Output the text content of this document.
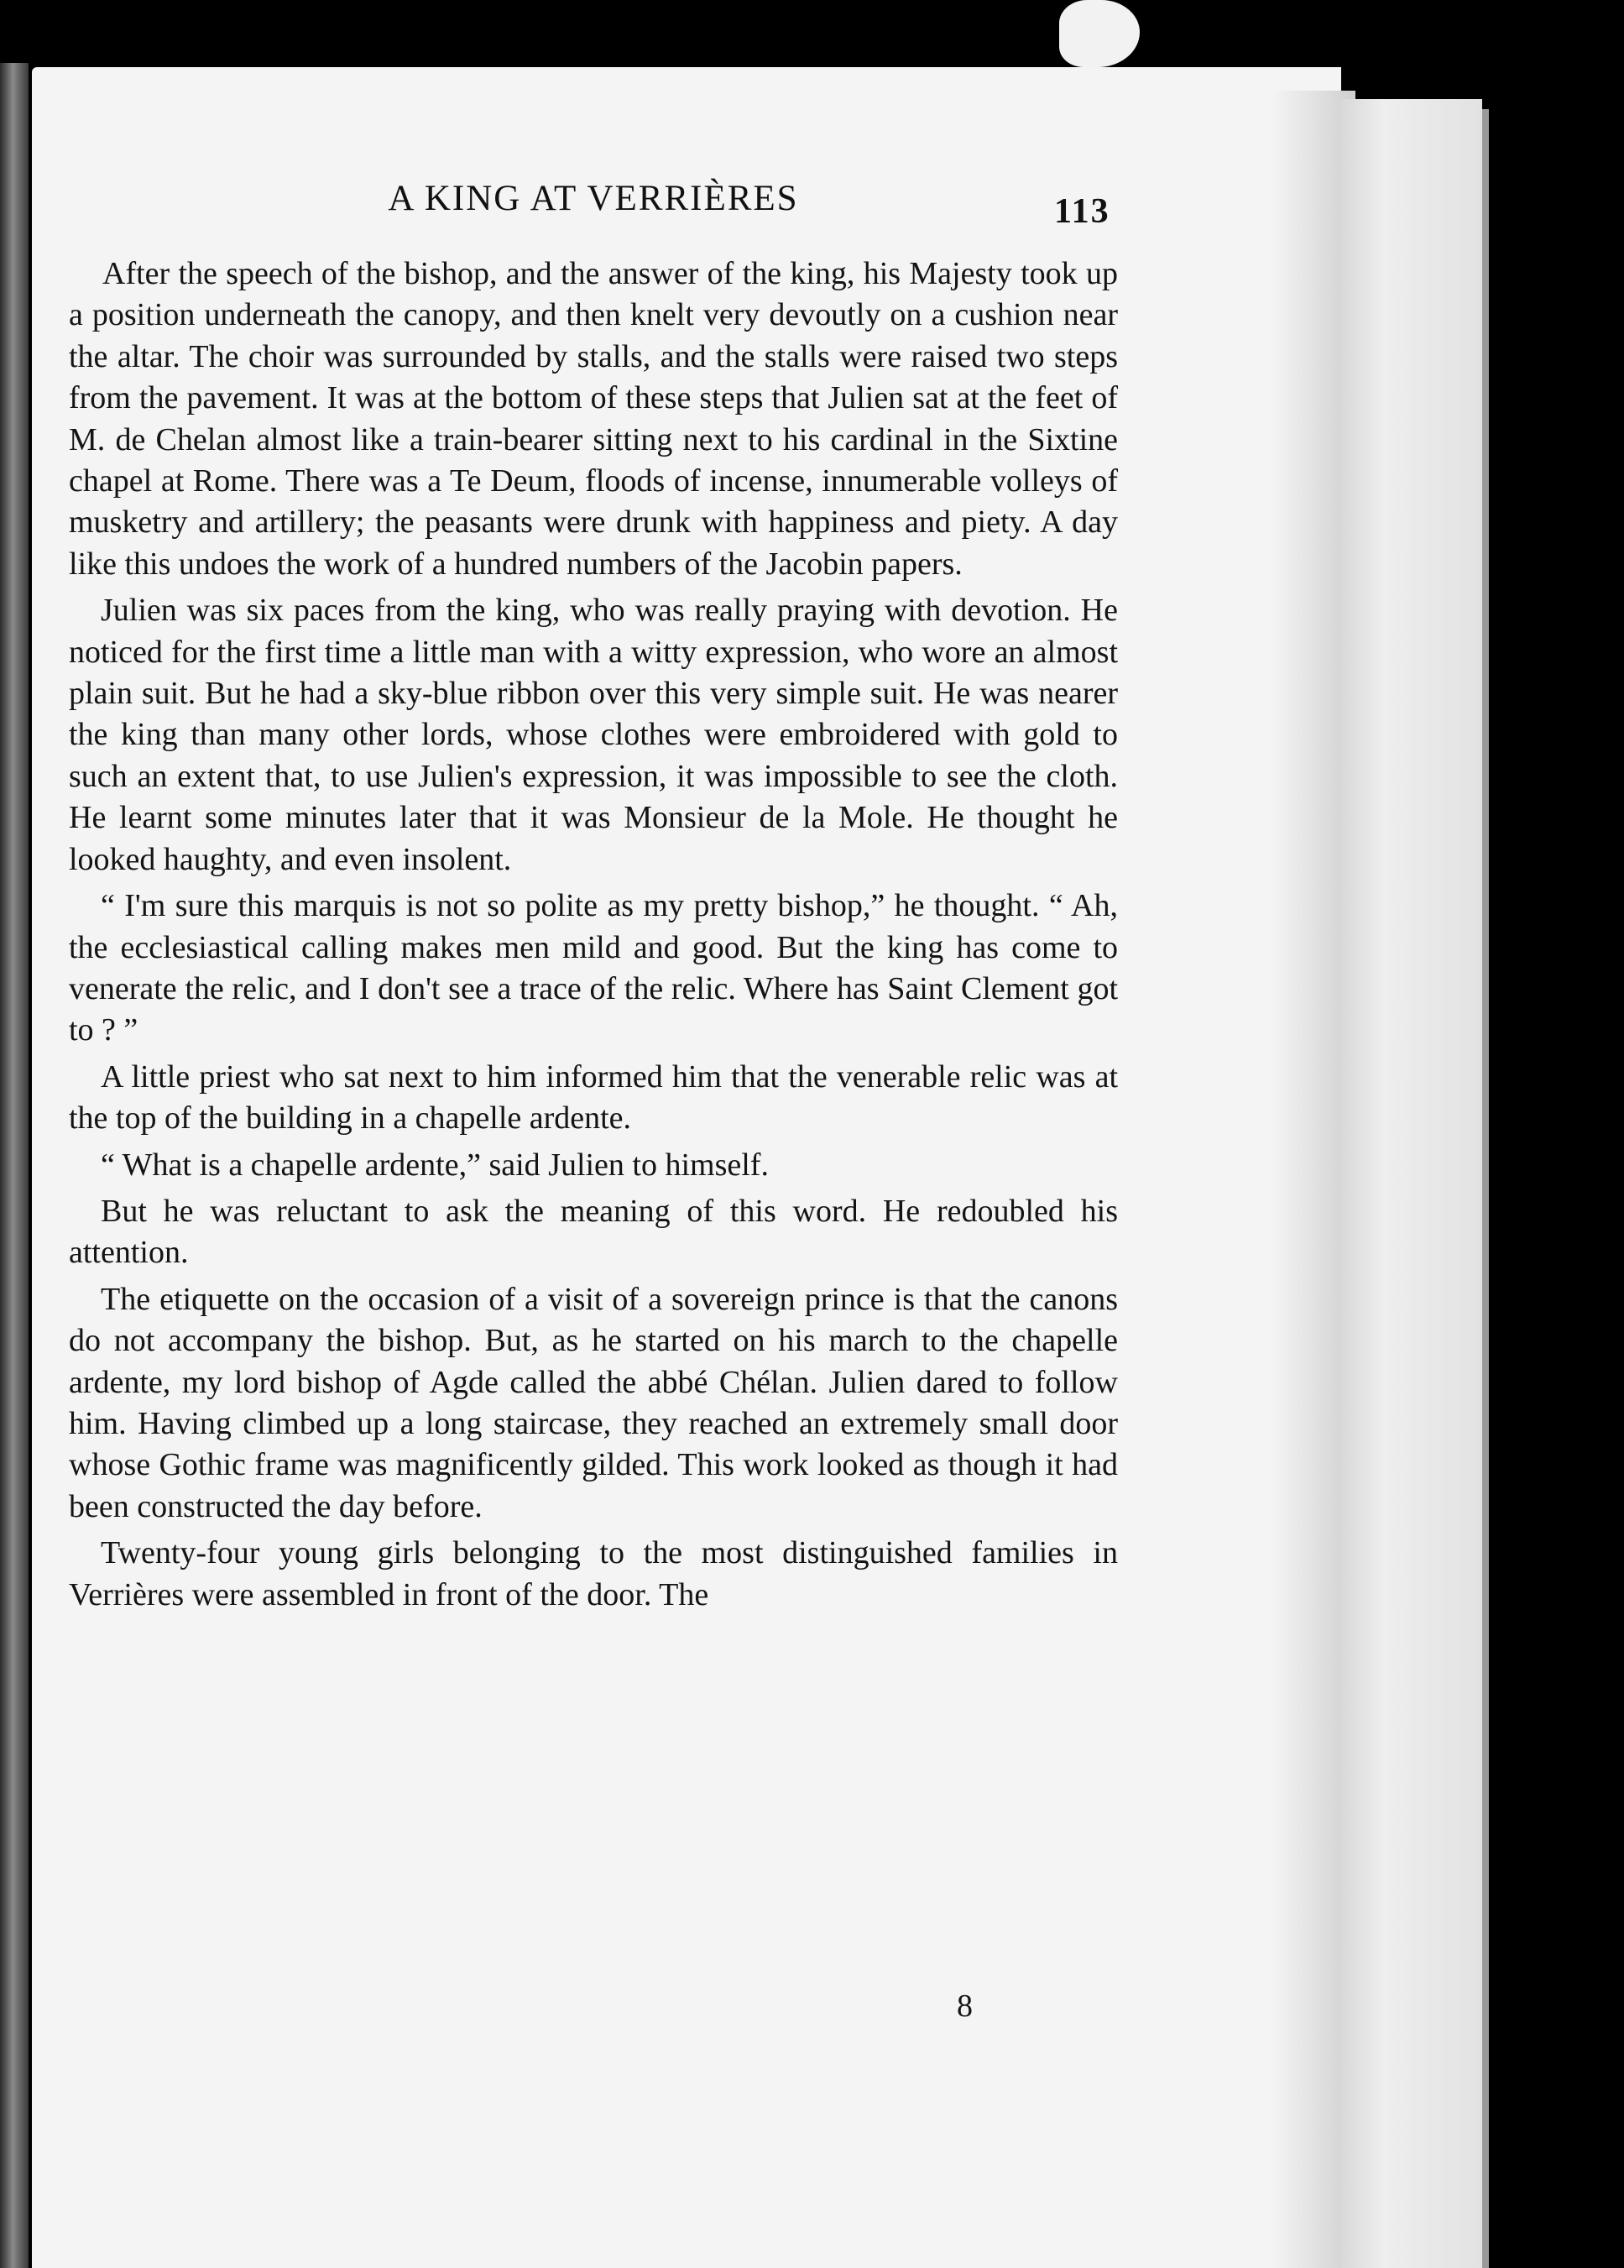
A KING AT VERRIÈRES	113

After the speech of the bishop, and the answer of the king, his Majesty took up a position underneath the canopy, and then knelt very devoutly on a cushion near the altar. The choir was surrounded by stalls, and the stalls were raised two steps from the pavement. It was at the bottom of these steps that Julien sat at the feet of M. de Chelan almost like a train-bearer sitting next to his cardinal in the Sixtine chapel at Rome. There was a Te Deum, floods of incense, innumerable volleys of musketry and artillery; the peasants were drunk with happiness and piety. A day like this undoes the work of a hundred numbers of the Jacobin papers.

Julien was six paces from the king, who was really praying with devotion. He noticed for the first time a little man with a witty expression, who wore an almost plain suit. But he had a sky-blue ribbon over this very simple suit. He was nearer the king than many other lords, whose clothes were embroidered with gold to such an extent that, to use Julien's expression, it was impossible to see the cloth. He learnt some minutes later that it was Monsieur de la Mole. He thought he looked haughty, and even insolent.

“ I'm sure this marquis is not so polite as my pretty bishop,” he thought. “ Ah, the ecclesiastical calling makes men mild and good. But the king has come to venerate the relic, and I don't see a trace of the relic. Where has Saint Clement got to ? ”

A little priest who sat next to him informed him that the venerable relic was at the top of the building in a chapelle ardente.

“ What is a chapelle ardente,” said Julien to himself.

But he was reluctant to ask the meaning of this word. He redoubled his attention.

The etiquette on the occasion of a visit of a sovereign prince is that the canons do not accompany the bishop. But, as he started on his march to the chapelle ardente, my lord bishop of Agde called the abbé Chélan. Julien dared to follow him. Having climbed up a long staircase, they reached an extremely small door whose Gothic frame was magnificently gilded. This work looked as though it had been constructed the day before.

Twenty-four young girls belonging to the most distinguished families in Verrières were assembled in front of the door. The

8
